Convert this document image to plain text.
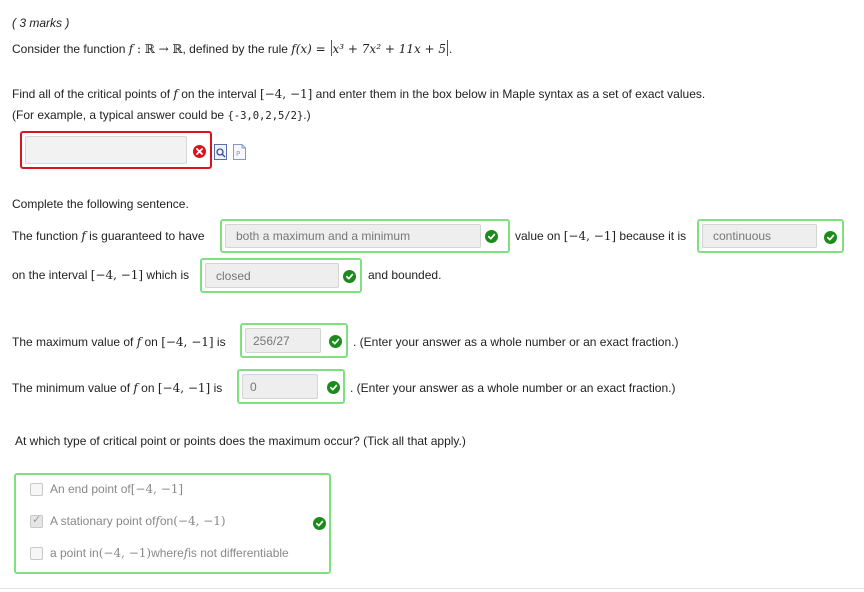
( 3 marks )
Consider the function f : ℝ → ℝ, defined by the rule f(x) = x³ + 7x² + 11x + 5 .
Find all of the critical points of f on the interval [−4, −1] and enter them in the box below in Maple syntax as a set of exact values.
(For example, a typical answer could be {-3,0,2,5/2}.)
P
Complete the following sentence.
The function f is guaranteed to have	both a maximum and a minimum	value on [−4, −1] because it is	continuous
on the interval [−4, −1] which is	closed	and bounded.
The maximum value of f on [−4, −1] is	256/27	. (Enter your answer as a whole number or an exact fraction.)
The minimum value of f on [−4, −1] is	0	. (Enter your answer as a whole number or an exact fraction.)
At which type of critical point or points does the maximum occur? (Tick all that apply.)
An end point of [−4, −1]
✓
A stationary point of f on (−4, −1)
a point in (−4, −1) where f is not differentiable
